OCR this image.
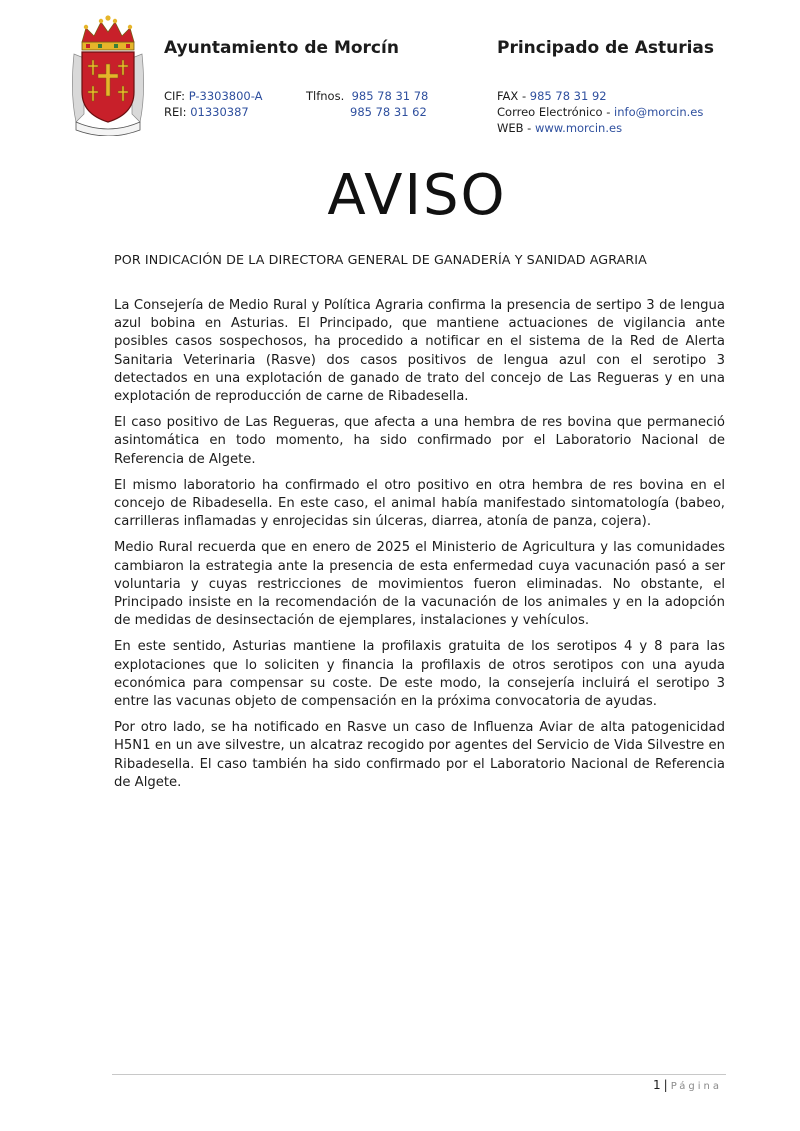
Ayuntamiento de Morcín	Principado de Asturias
CIF: P-3303800-A
REI: 01330387
Tlfnos. 985 78 31 78
985 78 31 62
FAX - 985 78 31 92
Correo Electrónico - info@morcin.es
WEB - www.morcin.es
AVISO
POR INDICACIÓN DE LA DIRECTORA GENERAL DE GANADERÍA Y SANIDAD AGRARIA

La Consejería de Medio Rural y Política Agraria confirma la presencia de sertipo 3 de lengua azul bobina en Asturias. El Principado, que mantiene actuaciones de vigilancia ante posibles casos sospechosos, ha procedido a notificar en el sistema de la Red de Alerta Sanitaria Veterinaria (Rasve) dos casos positivos de lengua azul con el serotipo 3 detectados en una explotación de ganado de trato del concejo de Las Regueras y en una explotación de reproducción de carne de Ribadesella.

El caso positivo de Las Regueras, que afecta a una hembra de res bovina que permaneció asintomática en todo momento, ha sido confirmado por el Laboratorio Nacional de Referencia de Algete.

El mismo laboratorio ha confirmado el otro positivo en otra hembra de res bovina en el concejo de Ribadesella. En este caso, el animal había manifestado sintomatología (babeo, carrilleras inflamadas y enrojecidas sin úlceras, diarrea, atonía de panza, cojera).

Medio Rural recuerda que en enero de 2025 el Ministerio de Agricultura y las comunidades cambiaron la estrategia ante la presencia de esta enfermedad cuya vacunación pasó a ser voluntaria y cuyas restricciones de movimientos fueron eliminadas. No obstante, el Principado insiste en la recomendación de la vacunación de los animales y en la adopción de medidas de desinsectación de ejemplares, instalaciones y vehículos.

En este sentido, Asturias mantiene la profilaxis gratuita de los serotipos 4 y 8 para las explotaciones que lo soliciten y financia la profilaxis de otros serotipos con una ayuda económica para compensar su coste. De este modo, la consejería incluirá el serotipo 3 entre las vacunas objeto de compensación en la próxima convocatoria de ayudas.

Por otro lado, se ha notificado en Rasve un caso de Influenza Aviar de alta patogenicidad H5N1 en un ave silvestre, un alcatraz recogido por agentes del Servicio de Vida Silvestre en Ribadesella. El caso también ha sido confirmado por el Laboratorio Nacional de Referencia de Algete.

1 | Página
